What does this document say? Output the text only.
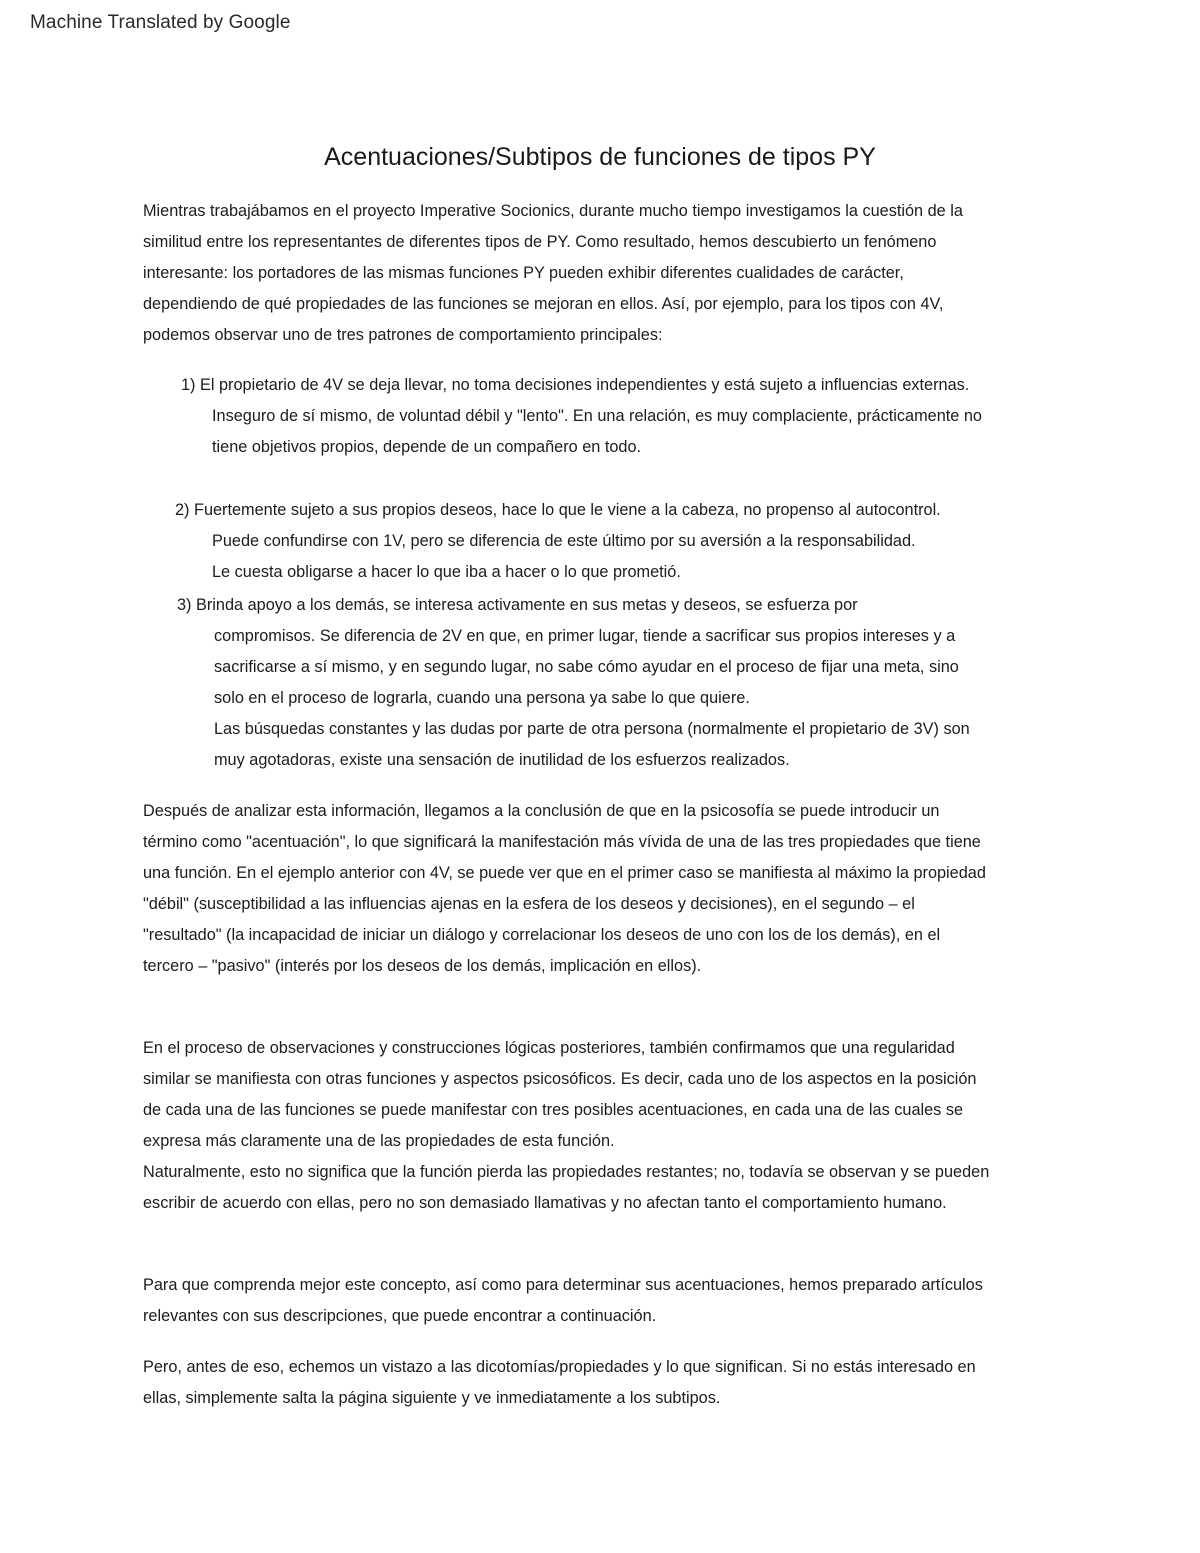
Machine Translated by Google
Acentuaciones/Subtipos de funciones de tipos PY
Mientras trabajábamos en el proyecto Imperative Socionics, durante mucho tiempo investigamos la cuestión de la
similitud entre los representantes de diferentes tipos de PY. Como resultado, hemos descubierto un fenómeno
interesante: los portadores de las mismas funciones PY pueden exhibir diferentes cualidades de carácter,
dependiendo de qué propiedades de las funciones se mejoran en ellos. Así, por ejemplo, para los tipos con 4V,
podemos observar uno de tres patrones de comportamiento principales:
1) El propietario de 4V se deja llevar, no toma decisiones independientes y está sujeto a influencias externas.
Inseguro de sí mismo, de voluntad débil y "lento". En una relación, es muy complaciente, prácticamente no
tiene objetivos propios, depende de un compañero en todo.
2) Fuertemente sujeto a sus propios deseos, hace lo que le viene a la cabeza, no propenso al autocontrol.
Puede confundirse con 1V, pero se diferencia de este último por su aversión a la responsabilidad.
Le cuesta obligarse a hacer lo que iba a hacer o lo que prometió.
3) Brinda apoyo a los demás, se interesa activamente en sus metas y deseos, se esfuerza por
compromisos. Se diferencia de 2V en que, en primer lugar, tiende a sacrificar sus propios intereses y a
sacrificarse a sí mismo, y en segundo lugar, no sabe cómo ayudar en el proceso de fijar una meta, sino
solo en el proceso de lograrla, cuando una persona ya sabe lo que quiere.
Las búsquedas constantes y las dudas por parte de otra persona (normalmente el propietario de 3V) son
muy agotadoras, existe una sensación de inutilidad de los esfuerzos realizados.
Después de analizar esta información, llegamos a la conclusión de que en la psicosofía se puede introducir un
término como "acentuación", lo que significará la manifestación más vívida de una de las tres propiedades que tiene
una función. En el ejemplo anterior con 4V, se puede ver que en el primer caso se manifiesta al máximo la propiedad
"débil" (susceptibilidad a las influencias ajenas en la esfera de los deseos y decisiones), en el segundo – el
"resultado" (la incapacidad de iniciar un diálogo y correlacionar los deseos de uno con los de los demás), en el
tercero – "pasivo" (interés por los deseos de los demás, implicación en ellos).
En el proceso de observaciones y construcciones lógicas posteriores, también confirmamos que una regularidad
similar se manifiesta con otras funciones y aspectos psicosóficos. Es decir, cada uno de los aspectos en la posición
de cada una de las funciones se puede manifestar con tres posibles acentuaciones, en cada una de las cuales se
expresa más claramente una de las propiedades de esta función.
Naturalmente, esto no significa que la función pierda las propiedades restantes; no, todavía se observan y se pueden
escribir de acuerdo con ellas, pero no son demasiado llamativas y no afectan tanto el comportamiento humano.
Para que comprenda mejor este concepto, así como para determinar sus acentuaciones, hemos preparado artículos
relevantes con sus descripciones, que puede encontrar a continuación.
Pero, antes de eso, echemos un vistazo a las dicotomías/propiedades y lo que significan. Si no estás interesado en
ellas, simplemente salta la página siguiente y ve inmediatamente a los subtipos.
